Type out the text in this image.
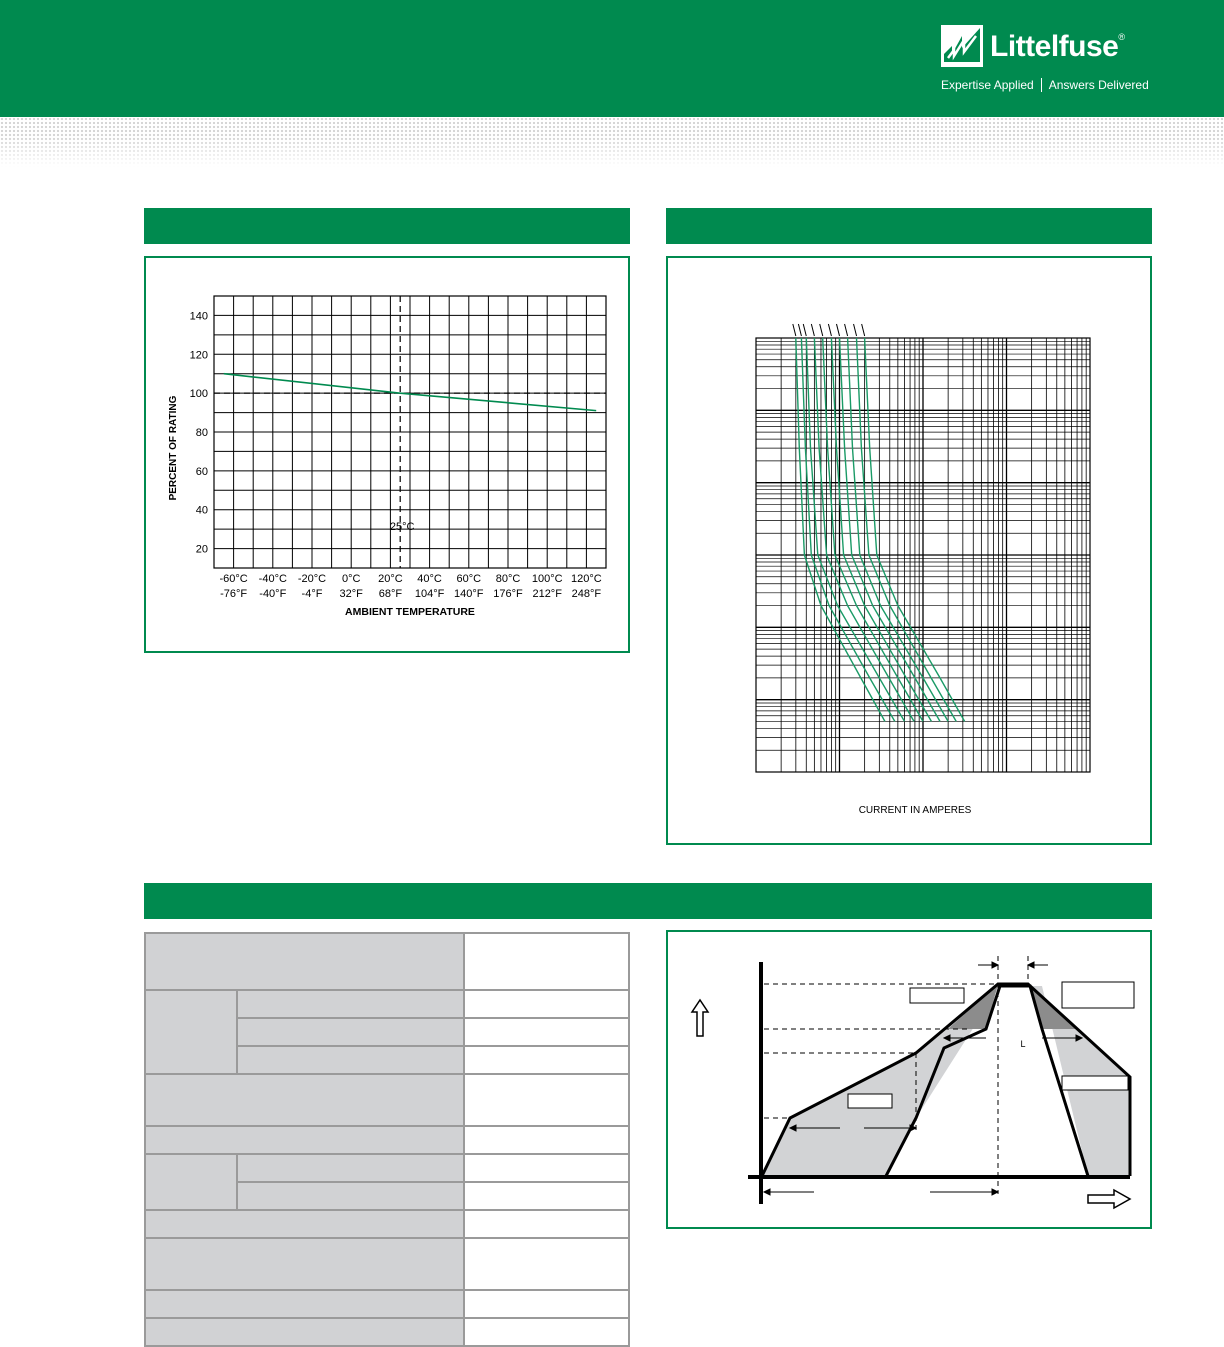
Littelfuse®
Expertise Applied Answers Delivered
20
40
60
80
100
120
140
-60°C
-76°F
-40°C
-40°F
-20°C
-4°F
0°C
32°F
20°C
68°F
40°C
104°F
60°C
140°F
80°C
176°F
100°C
212°F
120°C
248°F
PERCENT OF RATING
AMBIENT TEMPERATURE
25°C
CURRENT IN AMPERES

L
